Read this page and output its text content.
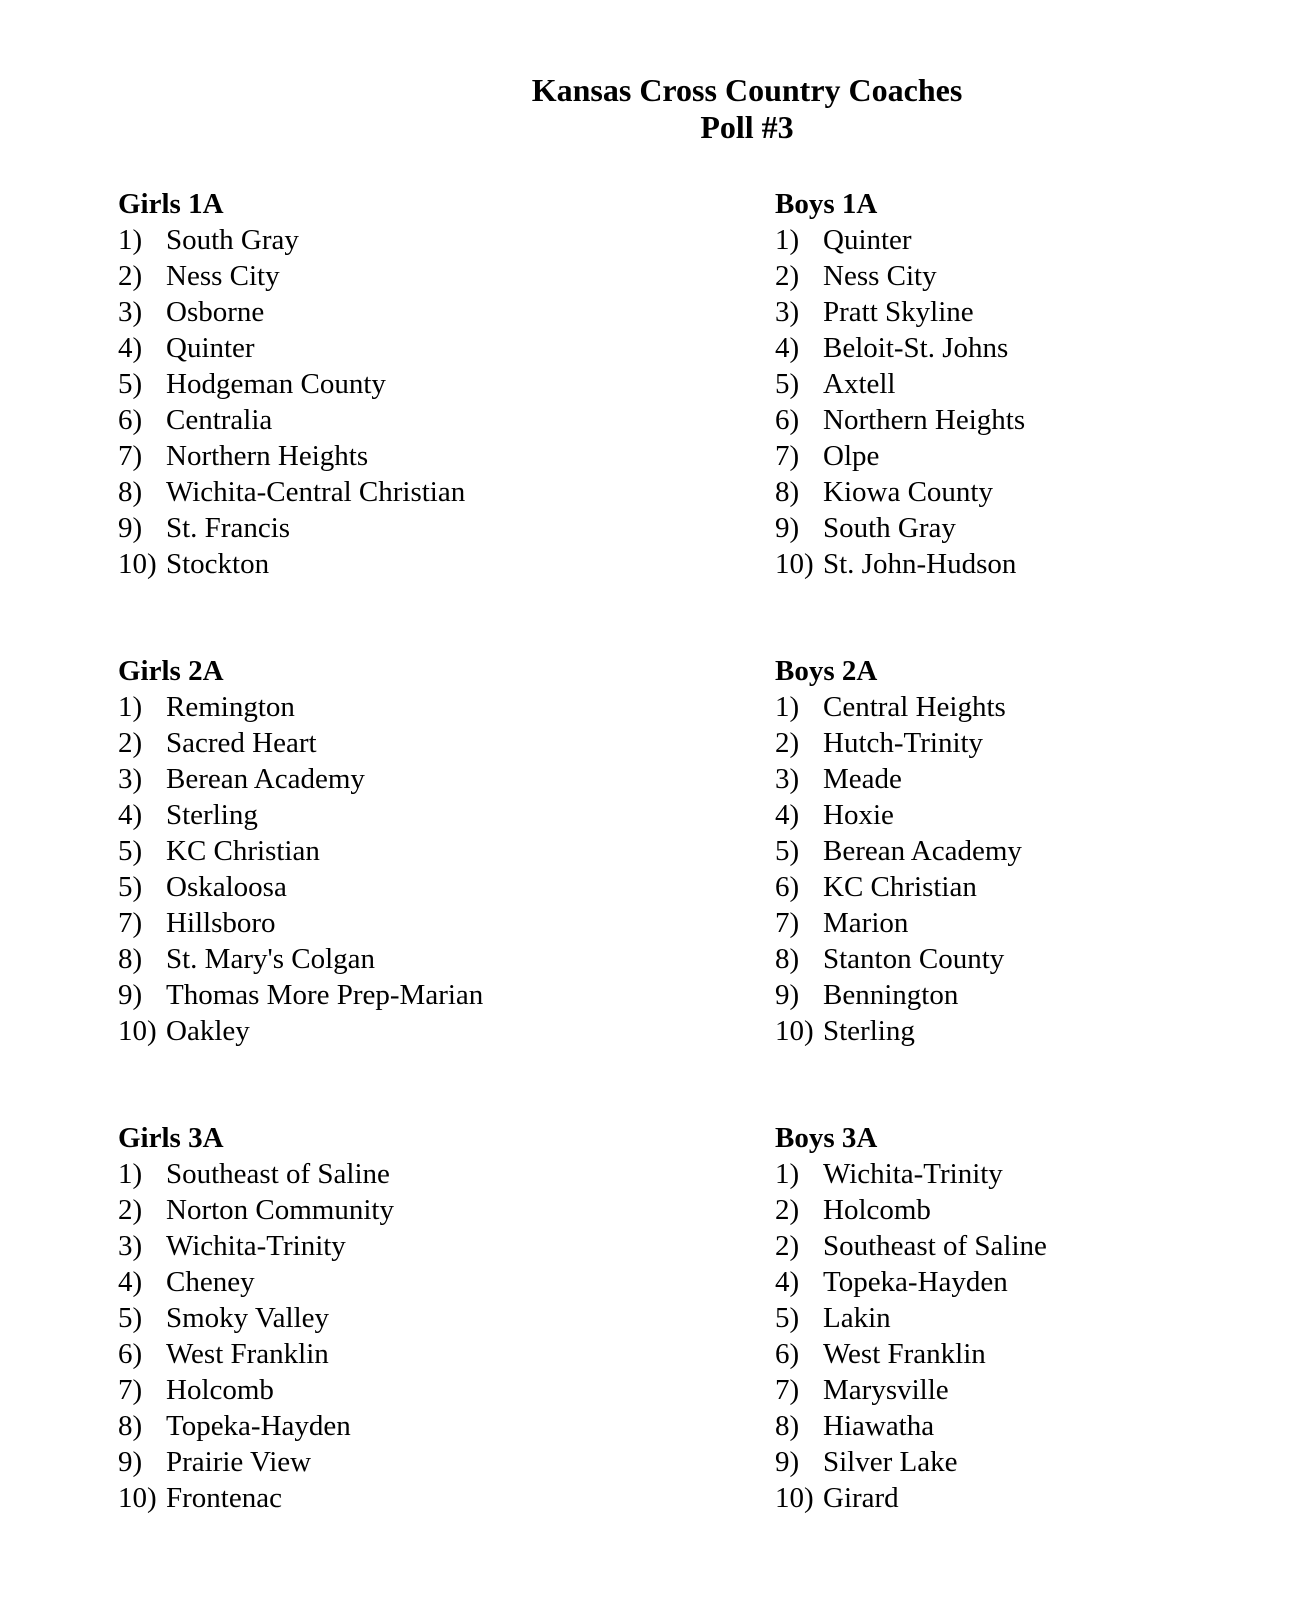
Kansas Cross Country Coaches
Poll #3
Girls 1A
1) South Gray
2) Ness City
3) Osborne
4) Quinter
5) Hodgeman County
6) Centralia
7) Northern Heights
8) Wichita-Central Christian
9) St. Francis
10) Stockton
Boys 1A
1) Quinter
2) Ness City
3) Pratt Skyline
4) Beloit-St. Johns
5) Axtell
6) Northern Heights
7) Olpe
8) Kiowa County
9) South Gray
10) St. John-Hudson
Girls 2A
1) Remington
2) Sacred Heart
3) Berean Academy
4) Sterling
5) KC Christian
5) Oskaloosa
7) Hillsboro
8) St. Mary's Colgan
9) Thomas More Prep-Marian
10) Oakley
Boys 2A
1) Central Heights
2) Hutch-Trinity
3) Meade
4) Hoxie
5) Berean Academy
6) KC Christian
7) Marion
8) Stanton County
9) Bennington
10) Sterling
Girls 3A
1) Southeast of Saline
2) Norton Community
3) Wichita-Trinity
4) Cheney
5) Smoky Valley
6) West Franklin
7) Holcomb
8) Topeka-Hayden
9) Prairie View
10) Frontenac
Boys 3A
1) Wichita-Trinity
2) Holcomb
2) Southeast of Saline
4) Topeka-Hayden
5) Lakin
6) West Franklin
7) Marysville
8) Hiawatha
9) Silver Lake
10) Girard
